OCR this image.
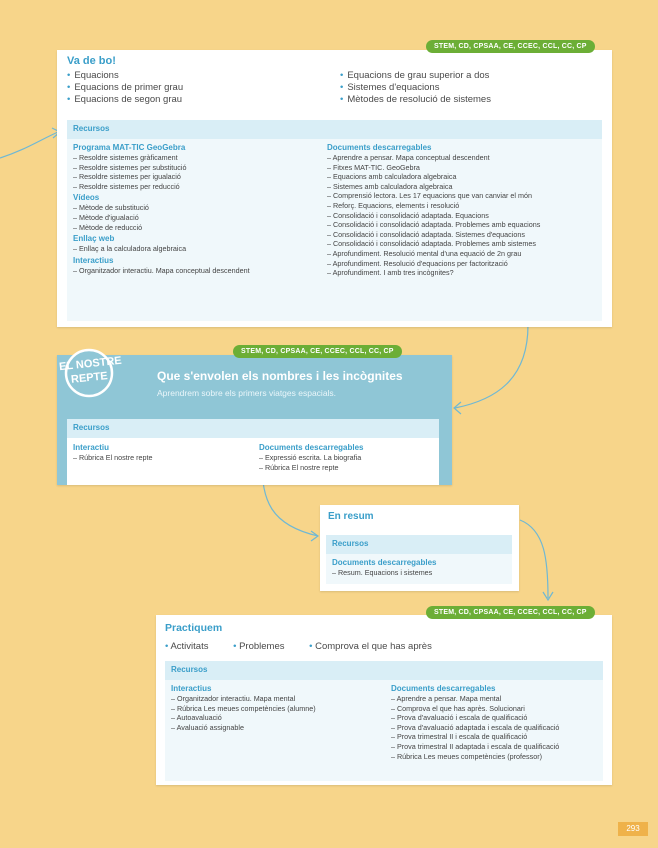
Va de bo!
• Equacions
• Equacions de primer grau
• Equacions de segon grau
• Equacions de grau superior a dos
• Sistemes d'equacions
• Mètodes de resolució de sistemes
Recursos
Programa MAT-TIC GeoGebra
– Resoldre sistemes gràficament
– Resoldre sistemes per substitució
– Resoldre sistemes per igualació
– Resoldre sistemes per reducció
Vídeos
– Mètode de substitució
– Mètode d'igualació
– Mètode de reducció
Enllaç web
– Enllaç a la calculadora algebraica
Interactius
– Organitzador interactiu. Mapa conceptual descendent
Documents descarregables
– Aprendre a pensar. Mapa conceptual descendent
– Fitxes MAT-TIC. GeoGebra
– Equacions amb calculadora algebraica
– Sistemes amb calculadora algebraica
– Comprensió lectora. Les 17 equacions que van canviar el món
– Reforç. Equacions, elements i resolució
– Consolidació i consolidació adaptada. Equacions
– Consolidació i consolidació adaptada. Problemes amb equacions
– Consolidació i consolidació adaptada. Sistemes d'equacions
– Consolidació i consolidació adaptada. Problemes amb sistemes
– Aprofundiment. Resolució mental d'una equació de 2n grau
– Aprofundiment. Resolució d'equacions per factorització
– Aprofundiment. I amb tres incògnites?
STEM, CD, CPSAA, CE, CCEC, CCL, CC, CP
Que s'envolen els nombres i les incògnites
Aprendrem sobre els primers viatges espacials.
Recursos
Interactiu
– Rúbrica El nostre repte
Documents descarregables
– Expressió escrita. La biografia
– Rúbrica El nostre repte
EL NOSTRE
REPTE
STEM, CD, CPSAA, CE, CCEC, CCL, CC, CP
En resum
Recursos
Documents descarregables
– Resum. Equacions i sistemes
Practiquem
• Activitats	• Problemes	• Comprova el que has après
Recursos
Interactius
– Organitzador interactiu. Mapa mental
– Rúbrica Les meues competències (alumne)
– Autoavaluació
– Avaluació assignable
Documents descarregables
– Aprendre a pensar. Mapa mental
– Comprova el que has après. Solucionari
– Prova d'avaluació i escala de qualificació
– Prova d'avaluació adaptada i escala de qualificació
– Prova trimestral II i escala de qualificació
– Prova trimestral II adaptada i escala de qualificació
– Rúbrica Les meues competències (professor)
STEM, CD, CPSAA, CE, CCEC, CCL, CC, CP
293
